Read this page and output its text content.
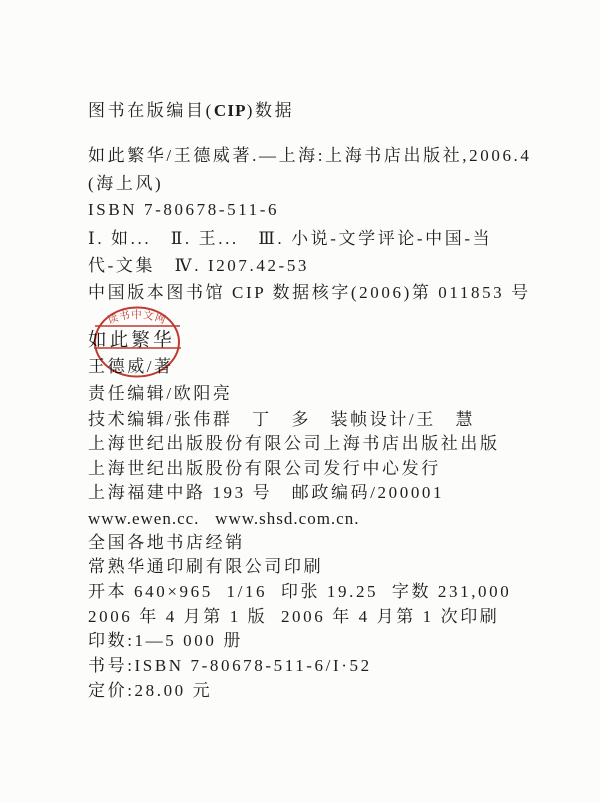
图书在版编目(CIP)数据
如此繁华/王德威著.—上海:上海书店出版社,2006.4
(海上风)
ISBN 7-80678-511-6
Ⅰ. 如...　Ⅱ. 王...　Ⅲ. 小说-文学评论-中国-当
代-文集　Ⅳ. I207.42-53
中国版本图书馆 CIP 数据核字(2006)第 011853 号
如此繁华
王德威/著
责任编辑/欧阳亮
技术编辑/张伟群　丁　多　装帧设计/王　慧
上海世纪出版股份有限公司上海书店出版社出版
上海世纪出版股份有限公司发行中心发行
上海福建中路 193 号　邮政编码/200001
www.ewen.cc.   www.shsd.com.cn.
全国各地书店经销
常熟华通印刷有限公司印刷
开本 640×965  1/16  印张 19.25  字数 231,000
2006 年 4 月第 1 版  2006 年 4 月第 1 次印刷
印数:1—5 000 册
书号:ISBN 7-80678-511-6/I·52
定价:28.00 元
读书中文网
